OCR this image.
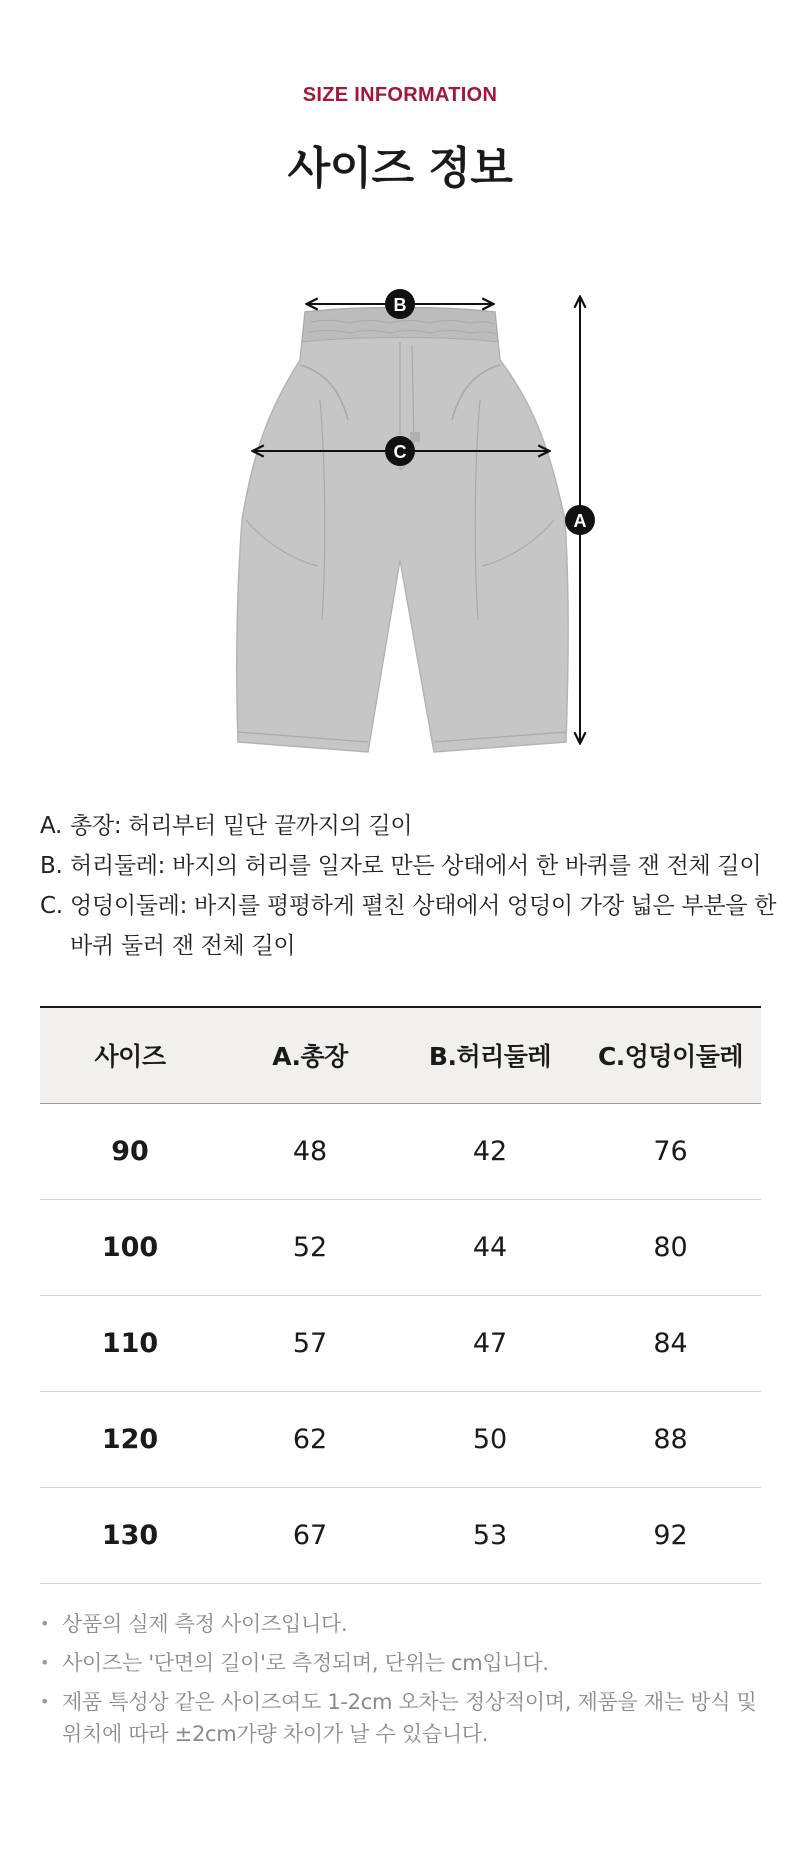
SIZE INFORMATION
사이즈 정보
B
C
A
A. 총장: 허리부터 밑단 끝까지의 길이
B. 허리둘레: 바지의 허리를 일자로 만든 상태에서 한 바퀴를 잰 전체 길이
C. 엉덩이둘레: 바지를 평평하게 펼친 상태에서 엉덩이 가장 넓은 부분을 한바퀴 둘러 잰 전체 길이
사이즈	A.총장	B.허리둘레	C.엉덩이둘레
90	48	42	76
100	52	44	80
110	57	47	84
120	62	50	88
130	67	53	92
• 상품의 실제 측정 사이즈입니다.
• 사이즈는 '단면의 길이'로 측정되며, 단위는 cm입니다.
• 제품 특성상 같은 사이즈여도 1-2cm 오차는 정상적이며, 제품을 재는 방식 및 위치에 따라 ±2cm가량 차이가 날 수 있습니다.
